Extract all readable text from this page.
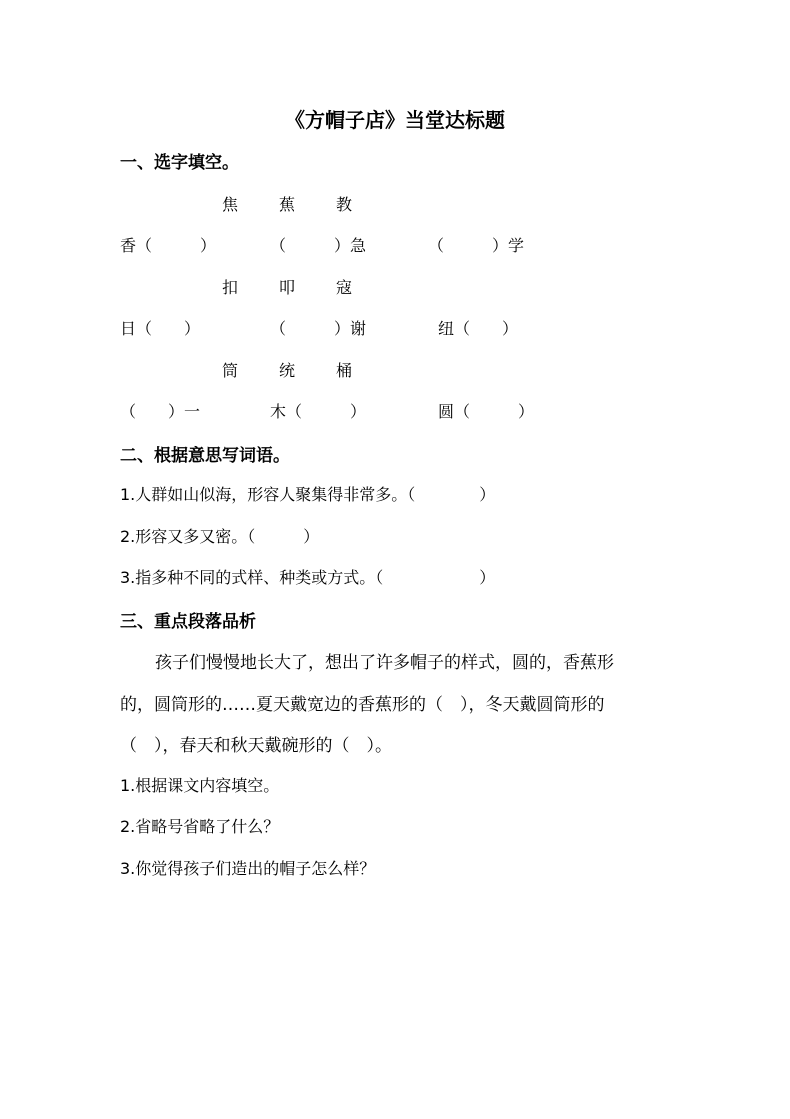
《方帽子店》当堂达标题
一、选字填空。
焦	蕉	教
香（　　　）	（　　　）急	（　　　）学
扣	叩	寇
日（　　）	（　　　）谢	纽（　　）
筒	统	桶
（　　）一	木（　　　）	圆（　　　）
二、根据意思写词语。
1.人群如山似海，形容人聚集得非常多。（　　　　）
2.形容又多又密。（　　　）
3.指多种不同的式样、种类或方式。（　　　　　　）
三、重点段落品析
孩子们慢慢地长大了，想出了许多帽子的样式，圆的，香蕉形
的，圆筒形的……夏天戴宽边的香蕉形的（　），冬天戴圆筒形的
（　），春天和秋天戴碗形的（　）。
1.根据课文内容填空。
2.省略号省略了什么？
3.你觉得孩子们造出的帽子怎么样？
